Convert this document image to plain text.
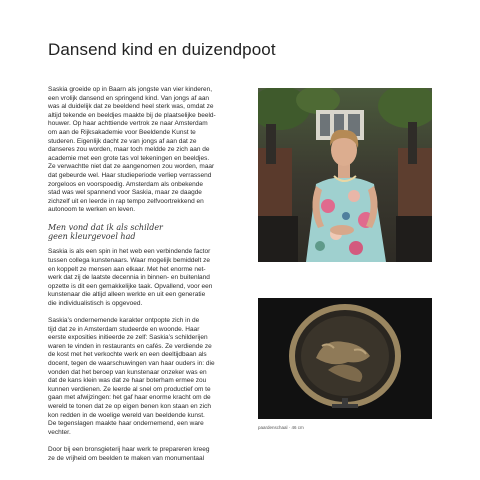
Dansend kind en duizendpoot

Saskia groeide op in Baarn als jongste van vier kinderen,
een vrolijk dansend en springend kind. Van jongs af aan
was al duidelijk dat ze beeldend heel sterk was, omdat ze
altijd tekende en beeldjes maakte bij de plaatselijke beeld-
houwer. Op haar achttiende vertrok ze naar Amsterdam
om aan de Rijksakademie voor Beeldende Kunst te
studeren. Eigenlijk dacht ze van jongs af aan dat ze
danseres zou worden, maar toch meldde ze zich aan de
academie met een grote tas vol tekeningen en beeldjes.
Ze verwachtte niet dat ze aangenomen zou worden, maar
dat gebeurde wel. Haar studieperiode verliep verrassend
zorgeloos en voorspoedig. Amsterdam als onbekende
stad was wel spannend voor Saskia, maar ze daagde
zichzelf uit en leerde in rap tempo zelfvoortrekkend en
autonoom te werken en leven.

Men vond dat ik als schilder
geen kleurgevoel had

Saskia is als een spin in het web een verbindende factor
tussen collega kunstenaars. Waar mogelijk bemiddelt ze
en koppelt ze mensen aan elkaar. Met het enorme net-
werk dat zij de laatste decennia in binnen- en buitenland
opzette is dit een gemakkelijke taak. Opvallend, voor een
kunstenaar die altijd alleen werkte en uit een generatie
die individualistisch is opgevoed.

Saskia’s ondernemende karakter ontpopte zich in de
tijd dat ze in Amsterdam studeerde en woonde. Haar
eerste exposities initieerde ze zelf: Saskia’s schilderijen
waren te vinden in restaurants en cafés. Ze verdiende ze
de kost met het verkochte werk en een deeltijdbaan als
docent, tegen de waarschuwingen van haar ouders in: die
vonden dat het beroep van kunstenaar onzeker was en
dat de kans klein was dat ze haar boterham ermee zou
kunnen verdienen. Ze leerde al snel om productief om te
gaan met afwijzingen: het gaf haar enorme kracht om de
wereld te tonen dat ze op eigen benen kon staan en zich
kon redden in de woelige wereld van beeldende kunst.
De tegenslagen maakte haar ondernemend, een ware
vechter.

Door bij een bronsgieterij haar werk te prepareren kreeg
ze de vrijheid om beelden te maken van monumentaal

paardenschaal · 46 cm
